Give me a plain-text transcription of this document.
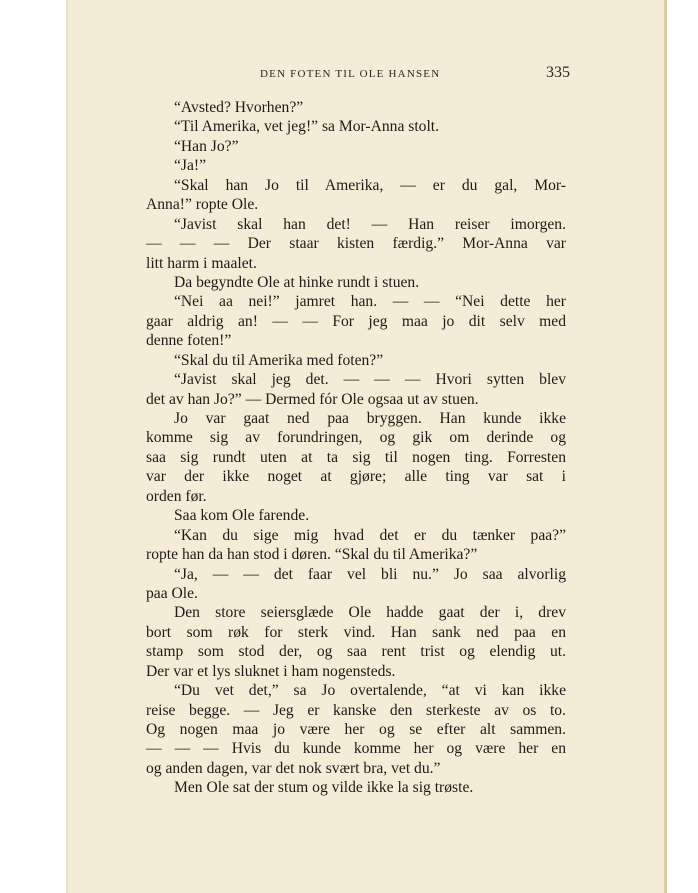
DEN FOTEN TIL OLE HANSEN	335
“Avsted? Hvorhen?”
“Til Amerika, vet jeg!” sa Mor-Anna stolt.
“Han Jo?”
“Ja!”
“Skal han Jo til Amerika, — er du gal, Mor-
Anna!” ropte Ole.
“Javist skal han det! — Han reiser imorgen.
— — — Der staar kisten færdig.” Mor-Anna var
litt harm i maalet.
Da begyndte Ole at hinke rundt i stuen.
“Nei aa nei!” jamret han. — — “Nei dette her
gaar aldrig an! — — For jeg maa jo dit selv med
denne foten!”
“Skal du til Amerika med foten?”
“Javist skal jeg det. — — — Hvori sytten blev
det av han Jo?” — Dermed fór Ole ogsaa ut av stuen.
Jo var gaat ned paa bryggen. Han kunde ikke
komme sig av forundringen, og gik om derinde og
saa sig rundt uten at ta sig til nogen ting. Forresten
var der ikke noget at gjøre; alle ting var sat i
orden før.
Saa kom Ole farende.
“Kan du sige mig hvad det er du tænker paa?”
ropte han da han stod i døren. “Skal du til Amerika?”
“Ja, — — det faar vel bli nu.” Jo saa alvorlig
paa Ole.
Den store seiersglæde Ole hadde gaat der i, drev
bort som røk for sterk vind. Han sank ned paa en
stamp som stod der, og saa rent trist og elendig ut.
Der var et lys sluknet i ham nogensteds.
“Du vet det,” sa Jo overtalende, “at vi kan ikke
reise begge. — Jeg er kanske den sterkeste av os to.
Og nogen maa jo være her og se efter alt sammen.
— — — Hvis du kunde komme her og være her en
og anden dagen, var det nok svært bra, vet du.”
Men Ole sat der stum og vilde ikke la sig trøste.
